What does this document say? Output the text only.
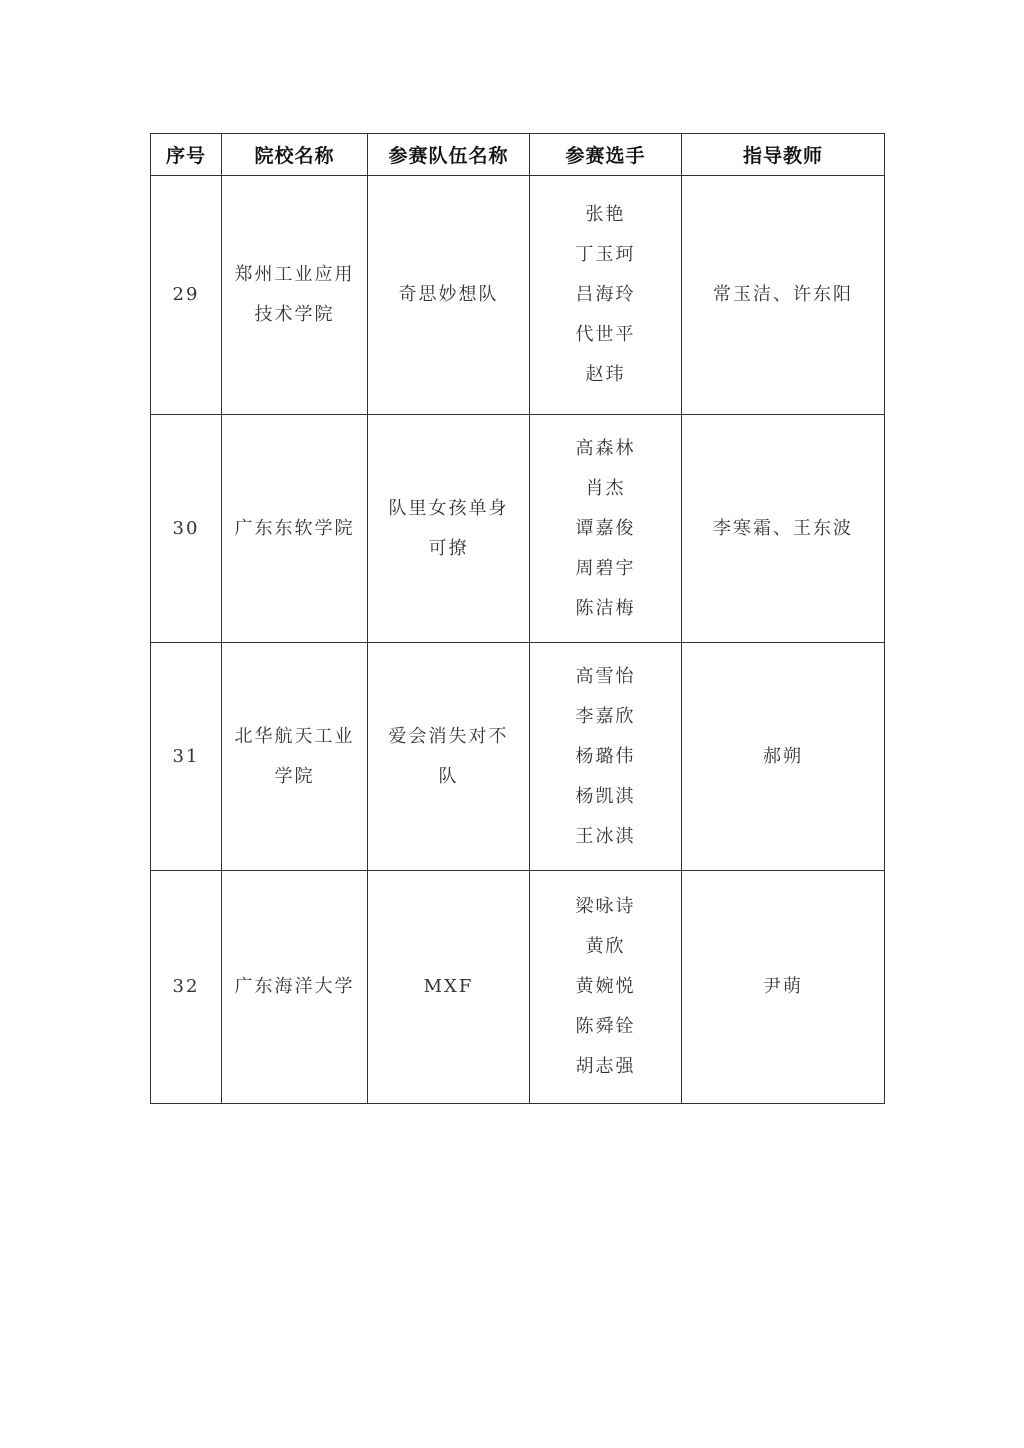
序号	院校名称	参赛队伍名称	参赛选手	指导教师
29	郑州工业应用技术学院	奇思妙想队	张艳
丁玉珂
吕海玲
代世平
赵玮	常玉洁、许东阳
30	广东东软学院	队里女孩单身可撩	高森林
肖杰
谭嘉俊
周碧宇
陈洁梅	李寒霜、王东波
31	北华航天工业学院	爱会消失对不队	高雪怡
李嘉欣
杨璐伟
杨凯淇
王冰淇	郝朔
32	广东海洋大学	MXF	梁咏诗
黄欣
黄婉悦
陈舜铨
胡志强	尹萌
